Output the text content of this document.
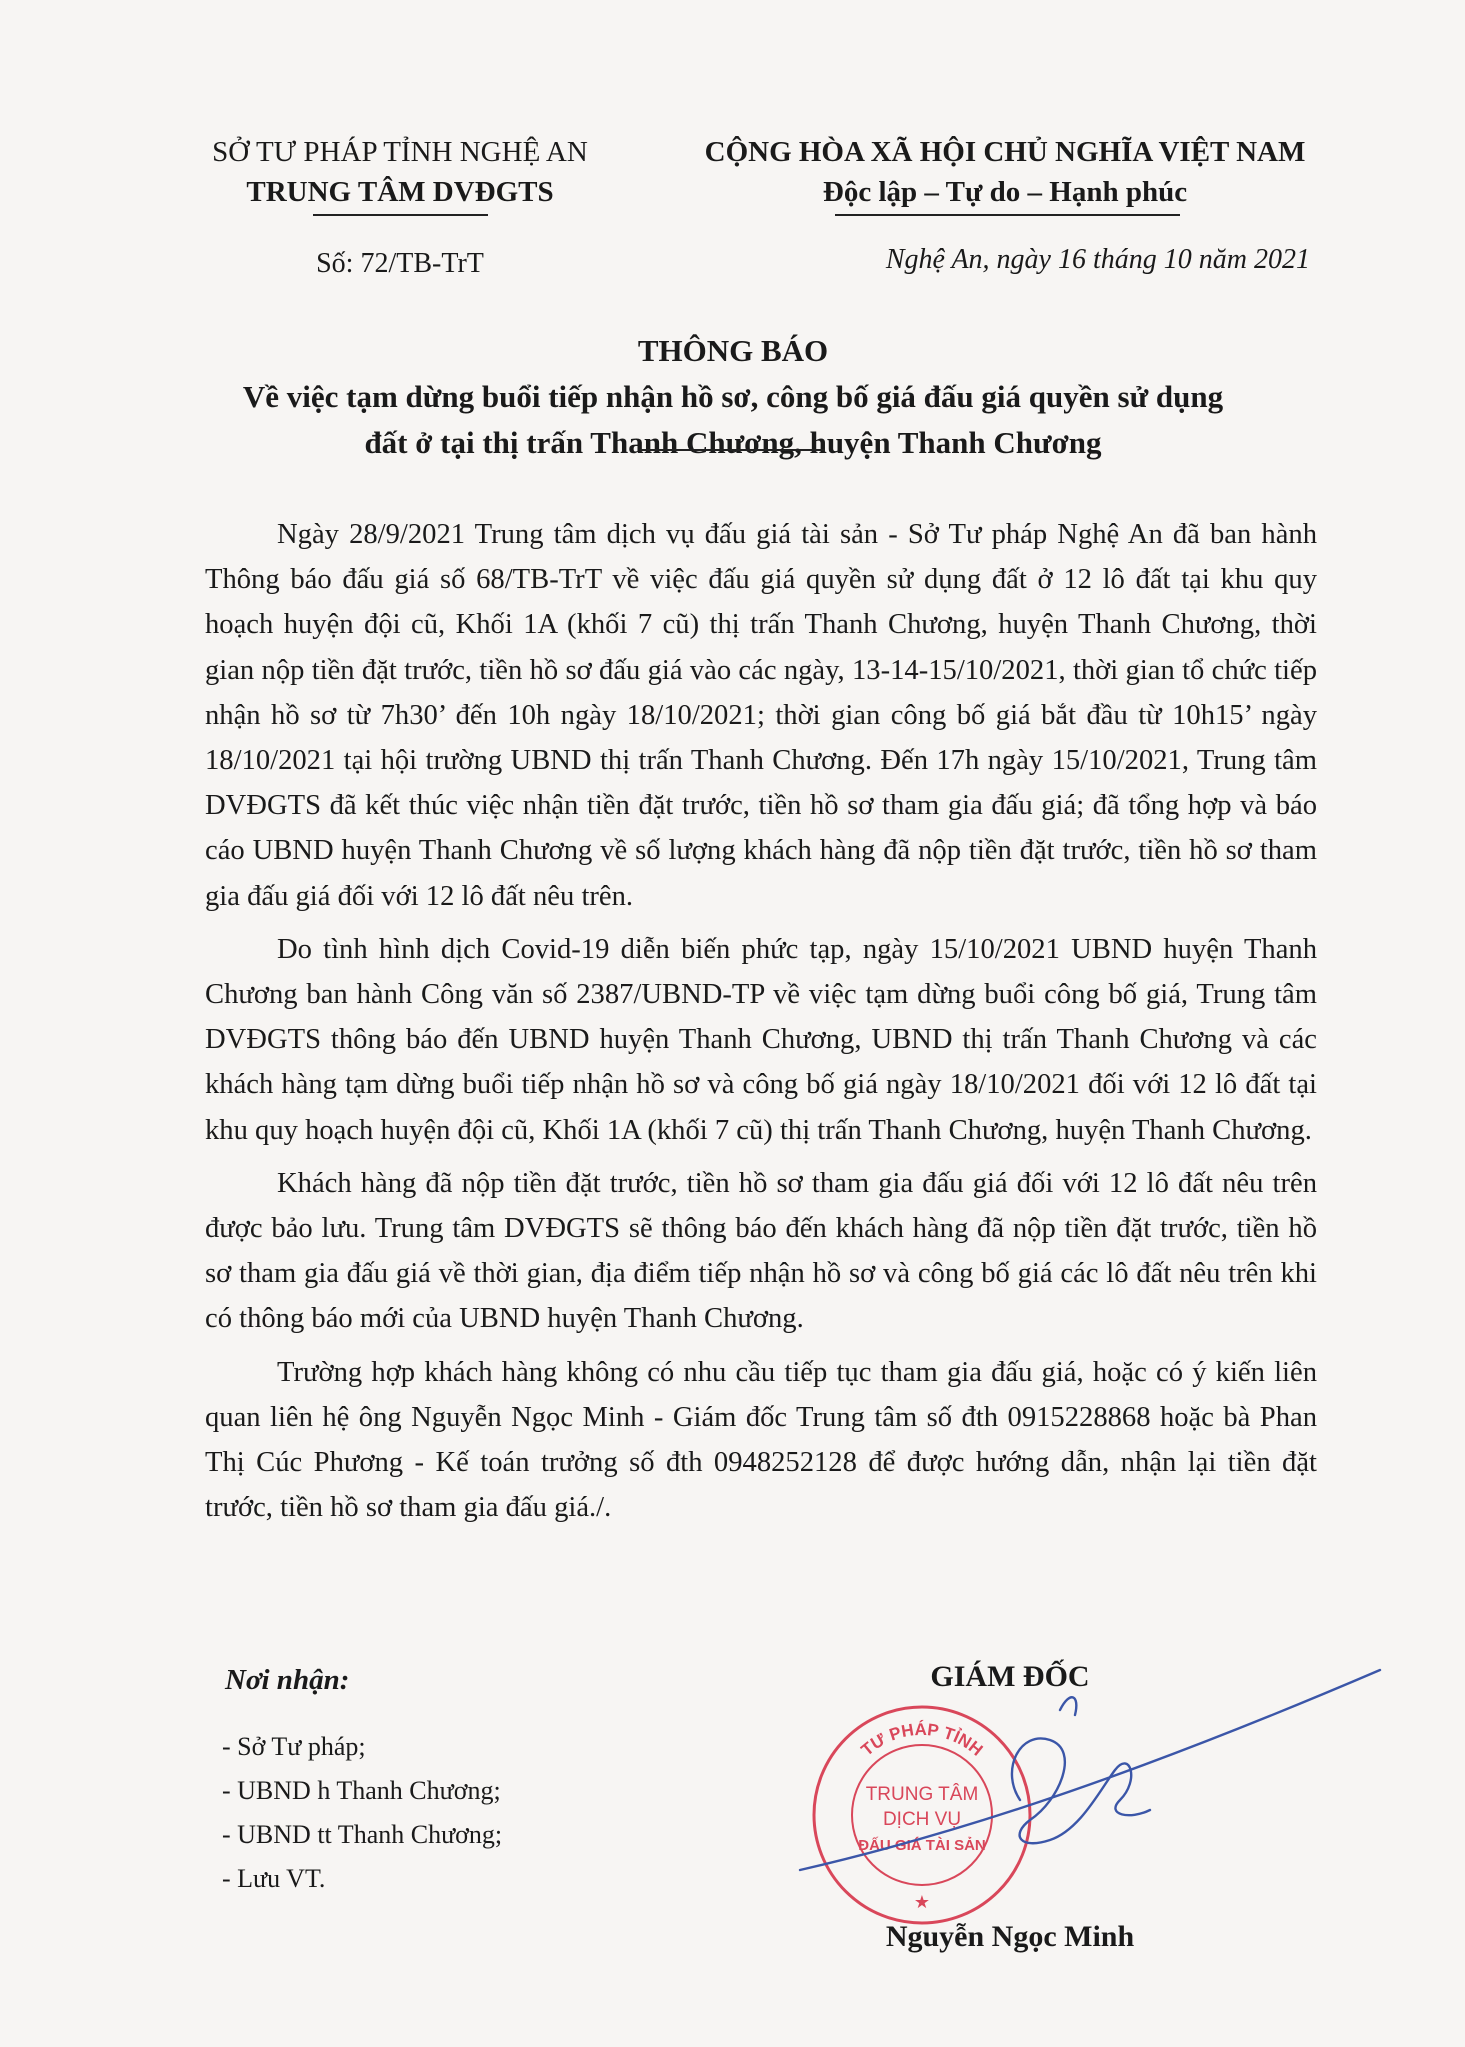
SỞ TƯ PHÁP TỈNH NGHỆ AN
TRUNG TÂM DVĐGTS
CỘNG HÒA XÃ HỘI CHỦ NGHĨA VIỆT NAM
Độc lập – Tự do – Hạnh phúc
Số: 72/TB-TrT	Nghệ An, ngày 16 tháng 10 năm 2021
THÔNG BÁO
Về việc tạm dừng buổi tiếp nhận hồ sơ, công bố giá đấu giá quyền sử dụng
đất ở tại thị trấn Thanh Chương, huyện Thanh Chương

Ngày 28/9/2021 Trung tâm dịch vụ đấu giá tài sản - Sở Tư pháp Nghệ An đã ban hành Thông báo đấu giá số 68/TB-TrT về việc đấu giá quyền sử dụng đất ở 12 lô đất tại khu quy hoạch huyện đội cũ, Khối 1A (khối 7 cũ) thị trấn Thanh Chương, huyện Thanh Chương, thời gian nộp tiền đặt trước, tiền hồ sơ đấu giá vào các ngày, 13-14-15/10/2021, thời gian tổ chức tiếp nhận hồ sơ từ 7h30’ đến 10h ngày 18/10/2021; thời gian công bố giá bắt đầu từ 10h15’ ngày 18/10/2021 tại hội trường UBND thị trấn Thanh Chương. Đến 17h ngày 15/10/2021, Trung tâm DVĐGTS đã kết thúc việc nhận tiền đặt trước, tiền hồ sơ tham gia đấu giá; đã tổng hợp và báo cáo UBND huyện Thanh Chương về số lượng khách hàng đã nộp tiền đặt trước, tiền hồ sơ tham gia đấu giá đối với 12 lô đất nêu trên.

Do tình hình dịch Covid-19 diễn biến phức tạp, ngày 15/10/2021 UBND huyện Thanh Chương ban hành Công văn số 2387/UBND-TP về việc tạm dừng buổi công bố giá, Trung tâm DVĐGTS thông báo đến UBND huyện Thanh Chương, UBND thị trấn Thanh Chương và các khách hàng tạm dừng buổi tiếp nhận hồ sơ và công bố giá ngày 18/10/2021 đối với 12 lô đất tại khu quy hoạch huyện đội cũ, Khối 1A (khối 7 cũ) thị trấn Thanh Chương, huyện Thanh Chương.

Khách hàng đã nộp tiền đặt trước, tiền hồ sơ tham gia đấu giá đối với 12 lô đất nêu trên được bảo lưu. Trung tâm DVĐGTS sẽ thông báo đến khách hàng đã nộp tiền đặt trước, tiền hồ sơ tham gia đấu giá về thời gian, địa điểm tiếp nhận hồ sơ và công bố giá các lô đất nêu trên khi có thông báo mới của UBND huyện Thanh Chương.

Trường hợp khách hàng không có nhu cầu tiếp tục tham gia đấu giá, hoặc có ý kiến liên quan liên hệ ông Nguyễn Ngọc Minh - Giám đốc Trung tâm số đth 0915228868 hoặc bà Phan Thị Cúc Phương - Kế toán trưởng số đth 0948252128 để được hướng dẫn, nhận lại tiền đặt trước, tiền hồ sơ tham gia đấu giá./.

Nơi nhận:
- Sở Tư pháp;
- UBND h Thanh Chương;
- UBND tt Thanh Chương;
- Lưu VT.
GIÁM ĐỐC
TƯ PHÁP TỈNH
TRUNG TÂM
DỊCH VỤ
ĐẤU GIÁ TÀI SẢN
★
Nguyễn Ngọc Minh
